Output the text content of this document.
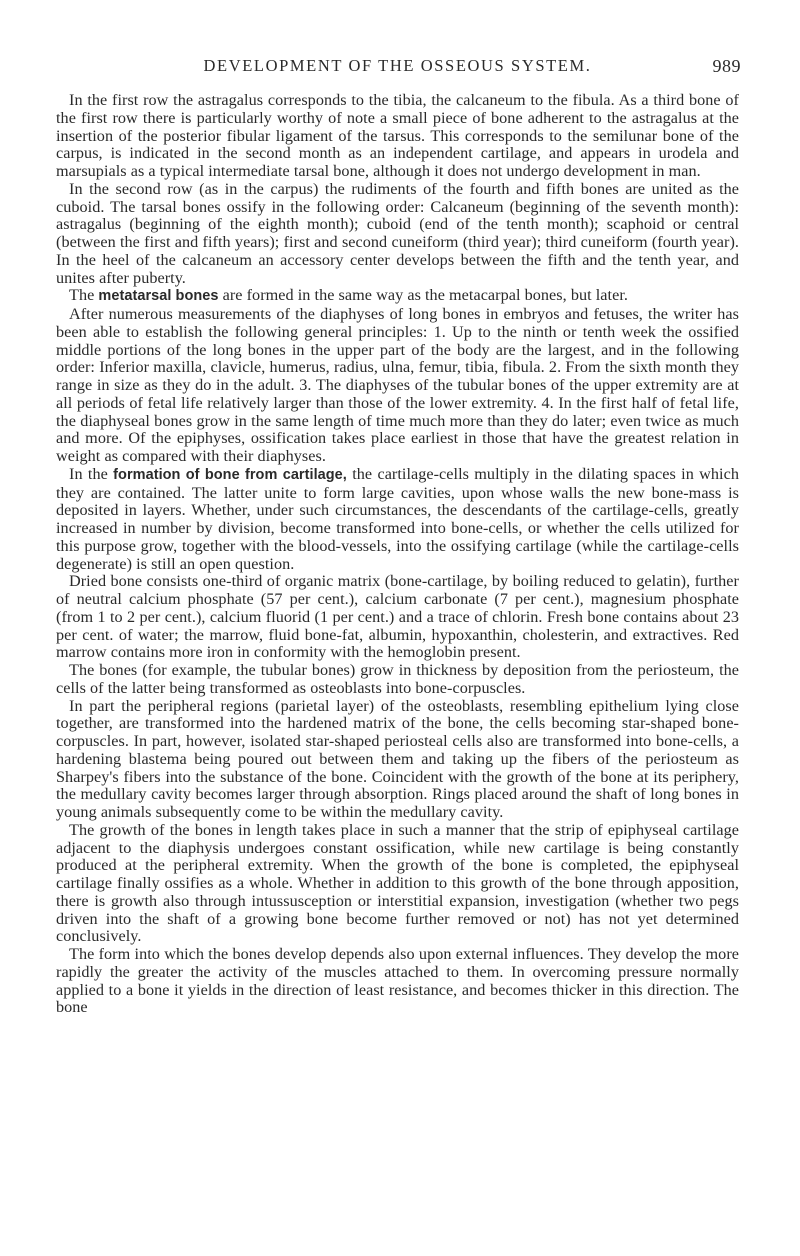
DEVELOPMENT OF THE OSSEOUS SYSTEM.	989

In the first row the astragalus corresponds to the tibia, the calcaneum to the fibula. As a third bone of the first row there is particularly worthy of note a small piece of bone adherent to the astragalus at the insertion of the posterior fibular ligament of the tarsus. This corresponds to the semilunar bone of the carpus, is indicated in the second month as an independent cartilage, and appears in urodela and marsupials as a typical intermediate tarsal bone, although it does not undergo development in man.

In the second row (as in the carpus) the rudiments of the fourth and fifth bones are united as the cuboid. The tarsal bones ossify in the following order: Calcaneum (beginning of the seventh month): astragalus (beginning of the eighth month); cuboid (end of the tenth month); scaphoid or central (between the first and fifth years); first and second cuneiform (third year); third cuneiform (fourth year). In the heel of the calcaneum an accessory center develops between the fifth and the tenth year, and unites after puberty.

The metatarsal bones are formed in the same way as the metacarpal bones, but later.

After numerous measurements of the diaphyses of long bones in embryos and fetuses, the writer has been able to establish the following general principles: 1. Up to the ninth or tenth week the ossified middle portions of the long bones in the upper part of the body are the largest, and in the following order: Inferior maxilla, clavicle, humerus, radius, ulna, femur, tibia, fibula. 2. From the sixth month they range in size as they do in the adult. 3. The diaphyses of the tubular bones of the upper extremity are at all periods of fetal life relatively larger than those of the lower extremity. 4. In the first half of fetal life, the diaphyseal bones grow in the same length of time much more than they do later; even twice as much and more. Of the epiphyses, ossification takes place earliest in those that have the greatest relation in weight as compared with their diaphyses.

In the formation of bone from cartilage, the cartilage-cells multiply in the dilating spaces in which they are contained. The latter unite to form large cavities, upon whose walls the new bone-mass is deposited in layers. Whether, under such circumstances, the descendants of the cartilage-cells, greatly increased in number by division, become transformed into bone-cells, or whether the cells utilized for this purpose grow, together with the blood-vessels, into the ossifying cartilage (while the cartilage-cells degenerate) is still an open question.

Dried bone consists one-third of organic matrix (bone-cartilage, by boiling reduced to gelatin), further of neutral calcium phosphate (57 per cent.), calcium carbonate (7 per cent.), magnesium phosphate (from 1 to 2 per cent.), calcium fluorid (1 per cent.) and a trace of chlorin. Fresh bone contains about 23 per cent. of water; the marrow, fluid bone-fat, albumin, hypoxanthin, cholesterin, and extractives. Red marrow contains more iron in conformity with the hemoglobin present.

The bones (for example, the tubular bones) grow in thickness by deposition from the periosteum, the cells of the latter being transformed as osteoblasts into bone-corpuscles.

In part the peripheral regions (parietal layer) of the osteoblasts, resembling epithelium lying close together, are transformed into the hardened matrix of the bone, the cells becoming star-shaped bone-corpuscles. In part, however, isolated star-shaped periosteal cells also are transformed into bone-cells, a hardening blastema being poured out between them and taking up the fibers of the periosteum as Sharpey's fibers into the substance of the bone. Coincident with the growth of the bone at its periphery, the medullary cavity becomes larger through absorption. Rings placed around the shaft of long bones in young animals subsequently come to be within the medullary cavity.

The growth of the bones in length takes place in such a manner that the strip of epiphyseal cartilage adjacent to the diaphysis undergoes constant ossification, while new cartilage is being constantly produced at the peripheral extremity. When the growth of the bone is completed, the epiphyseal cartilage finally ossifies as a whole. Whether in addition to this growth of the bone through apposition, there is growth also through intussusception or interstitial expansion, investigation (whether two pegs driven into the shaft of a growing bone become further removed or not) has not yet determined conclusively.

The form into which the bones develop depends also upon external influences. They develop the more rapidly the greater the activity of the muscles attached to them. In overcoming pressure normally applied to a bone it yields in the direction of least resistance, and becomes thicker in this direction. The bone
